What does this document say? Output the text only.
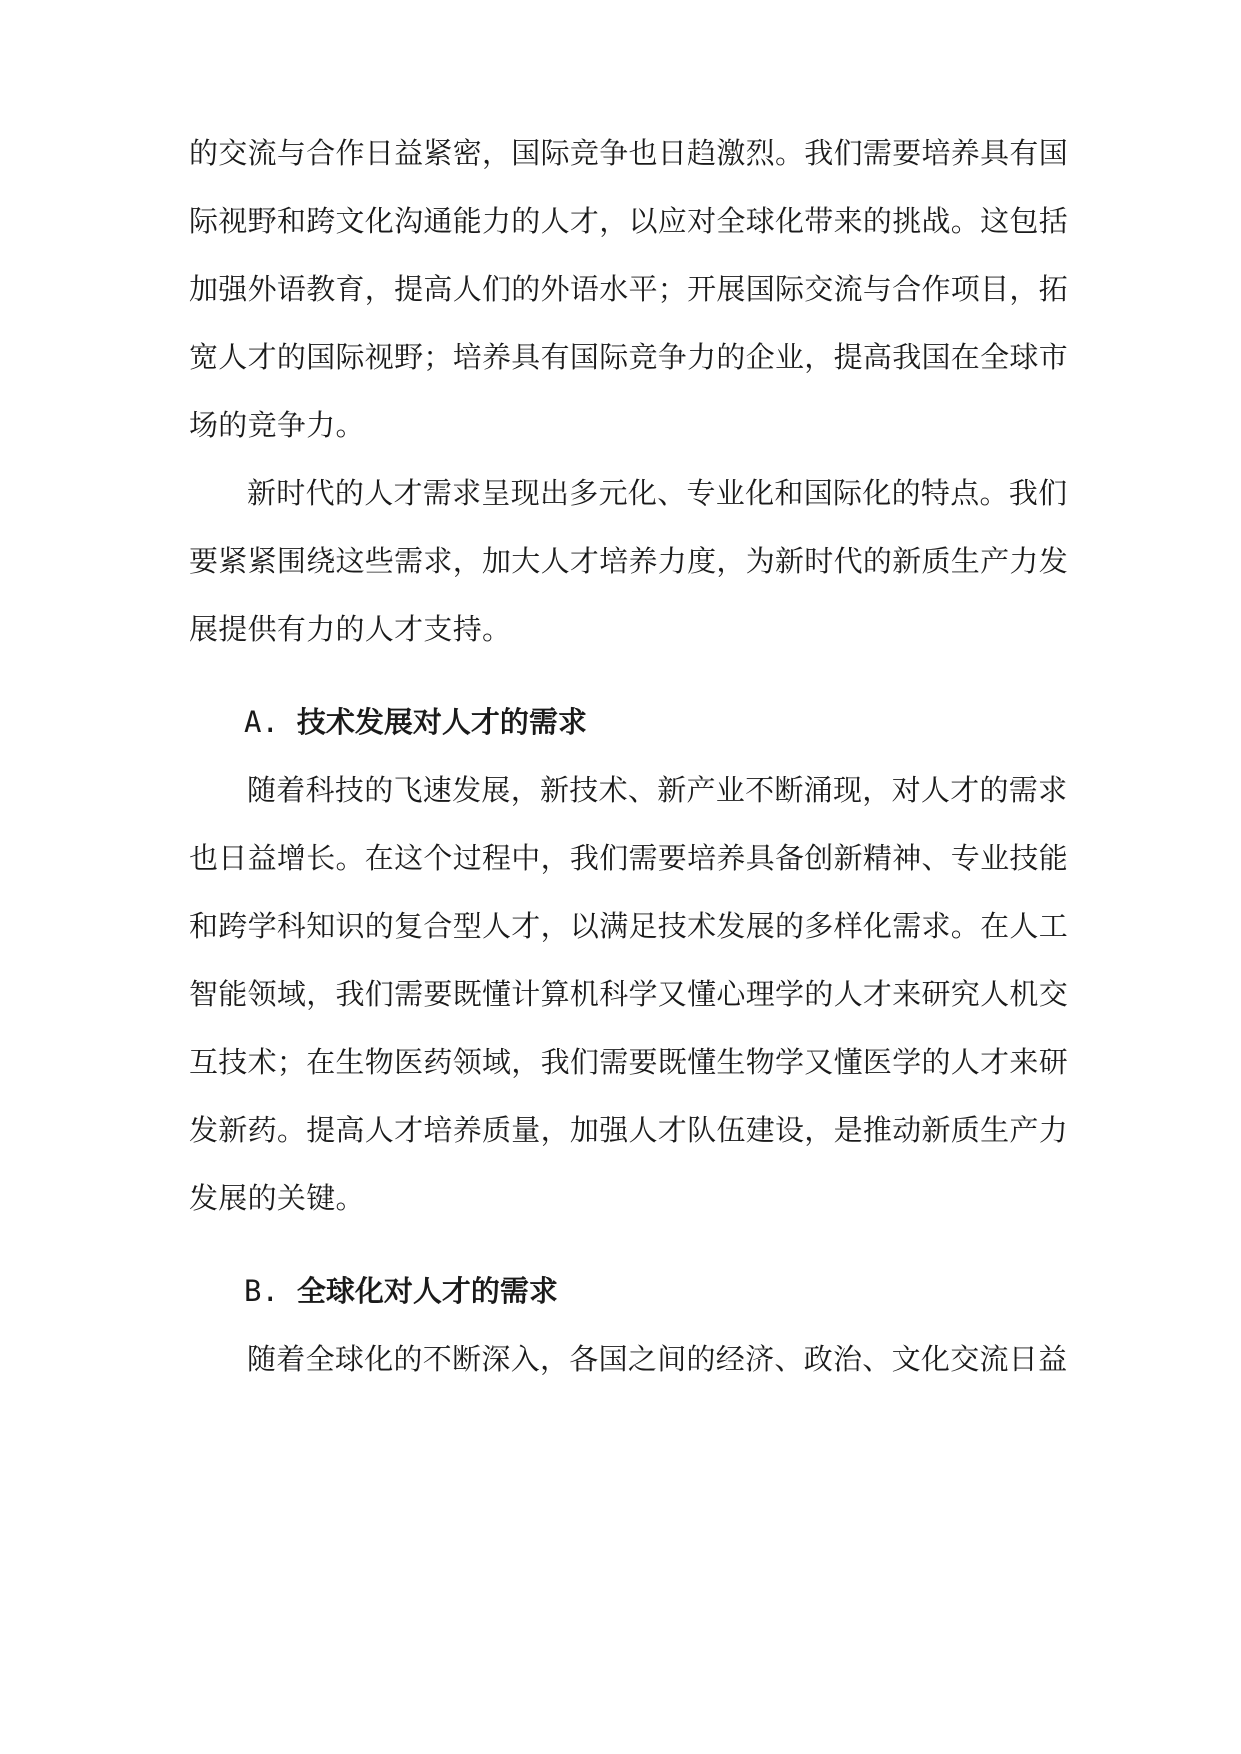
的交流与合作日益紧密，国际竞争也日趋激烈。我们需要培养具有国
际视野和跨文化沟通能力的人才，以应对全球化带来的挑战。这包括
加强外语教育，提高人们的外语水平；开展国际交流与合作项目，拓
宽人才的国际视野；培养具有国际竞争力的企业，提高我国在全球市
场的竞争力。
新时代的人才需求呈现出多元化、专业化和国际化的特点。我们
要紧紧围绕这些需求，加大人才培养力度，为新时代的新质生产力发
展提供有力的人才支持。
A. 技术发展对人才的需求
随着科技的飞速发展，新技术、新产业不断涌现，对人才的需求
也日益增长。在这个过程中，我们需要培养具备创新精神、专业技能
和跨学科知识的复合型人才，以满足技术发展的多样化需求。在人工
智能领域，我们需要既懂计算机科学又懂心理学的人才来研究人机交
互技术；在生物医药领域，我们需要既懂生物学又懂医学的人才来研
发新药。提高人才培养质量，加强人才队伍建设，是推动新质生产力
发展的关键。
B. 全球化对人才的需求
随着全球化的不断深入，各国之间的经济、政治、文化交流日益
